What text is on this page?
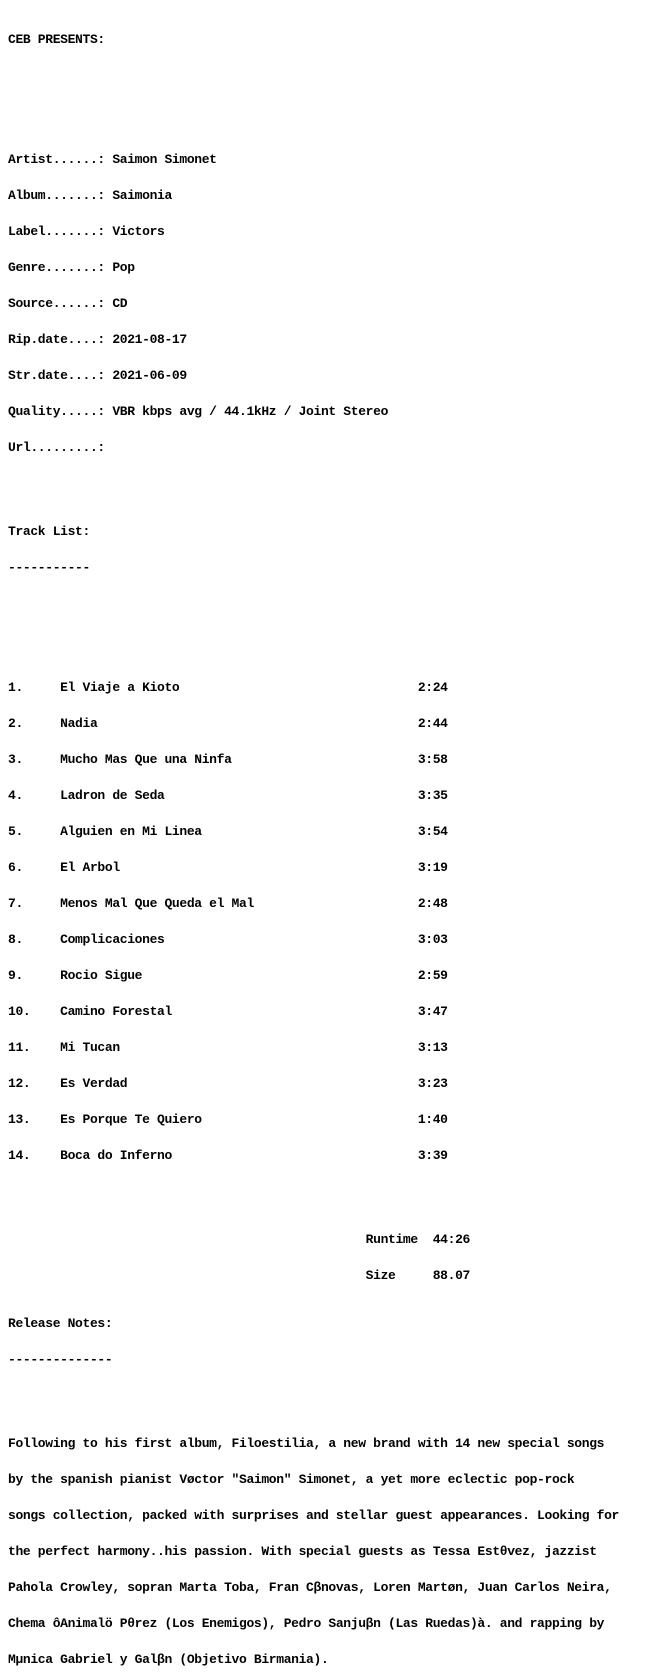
CEB PRESENTS:

Artist......: Saimon Simonet

Album.......: Saimonia

Label.......: Victors

Genre.......: Pop

Source......: CD

Rip.date....: 2021-08-17

Str.date....: 2021-06-09

Quality.....: VBR kbps avg / 44.1kHz / Joint Stereo

Url.........:

Track List:

-----------

1.     El Viaje a Kioto                                2:24

2.     Nadia                                           2:44

3.     Mucho Mas Que una Ninfa                         3:58

4.     Ladron de Seda                                  3:35

5.     Alguien en Mi Linea                             3:54

6.     El Arbol                                        3:19

7.     Menos Mal Que Queda el Mal                      2:48

8.     Complicaciones                                  3:03

9.     Rocio Sigue                                     2:59

10.    Camino Forestal                                 3:47

11.    Mi Tucan                                        3:13

12.    Es Verdad                                       3:23

13.    Es Porque Te Quiero                             1:40

14.    Boca do Inferno                                 3:39

Runtime  44:26

Size     88.07

Release Notes:

--------------

Following to his first album, Filoestilia, a new brand with 14 new special songs

by the spanish pianist Vøctor "Saimon" Simonet, a yet more eclectic pop-rock

songs collection, packed with surprises and stellar guest appearances. Looking for

the perfect harmony..his passion. With special guests as Tessa Estθvez, jazzist

Pahola Crowley, sopran Marta Toba, Fran Cβnovas, Loren Martøn, Juan Carlos Neira,

Chema ôAnimalö Pθrez (Los Enemigos), Pedro Sanjuβn (Las Ruedas)à. and rapping by

Mµnica Gabriel y Galβn (Objetivo Birmania).
